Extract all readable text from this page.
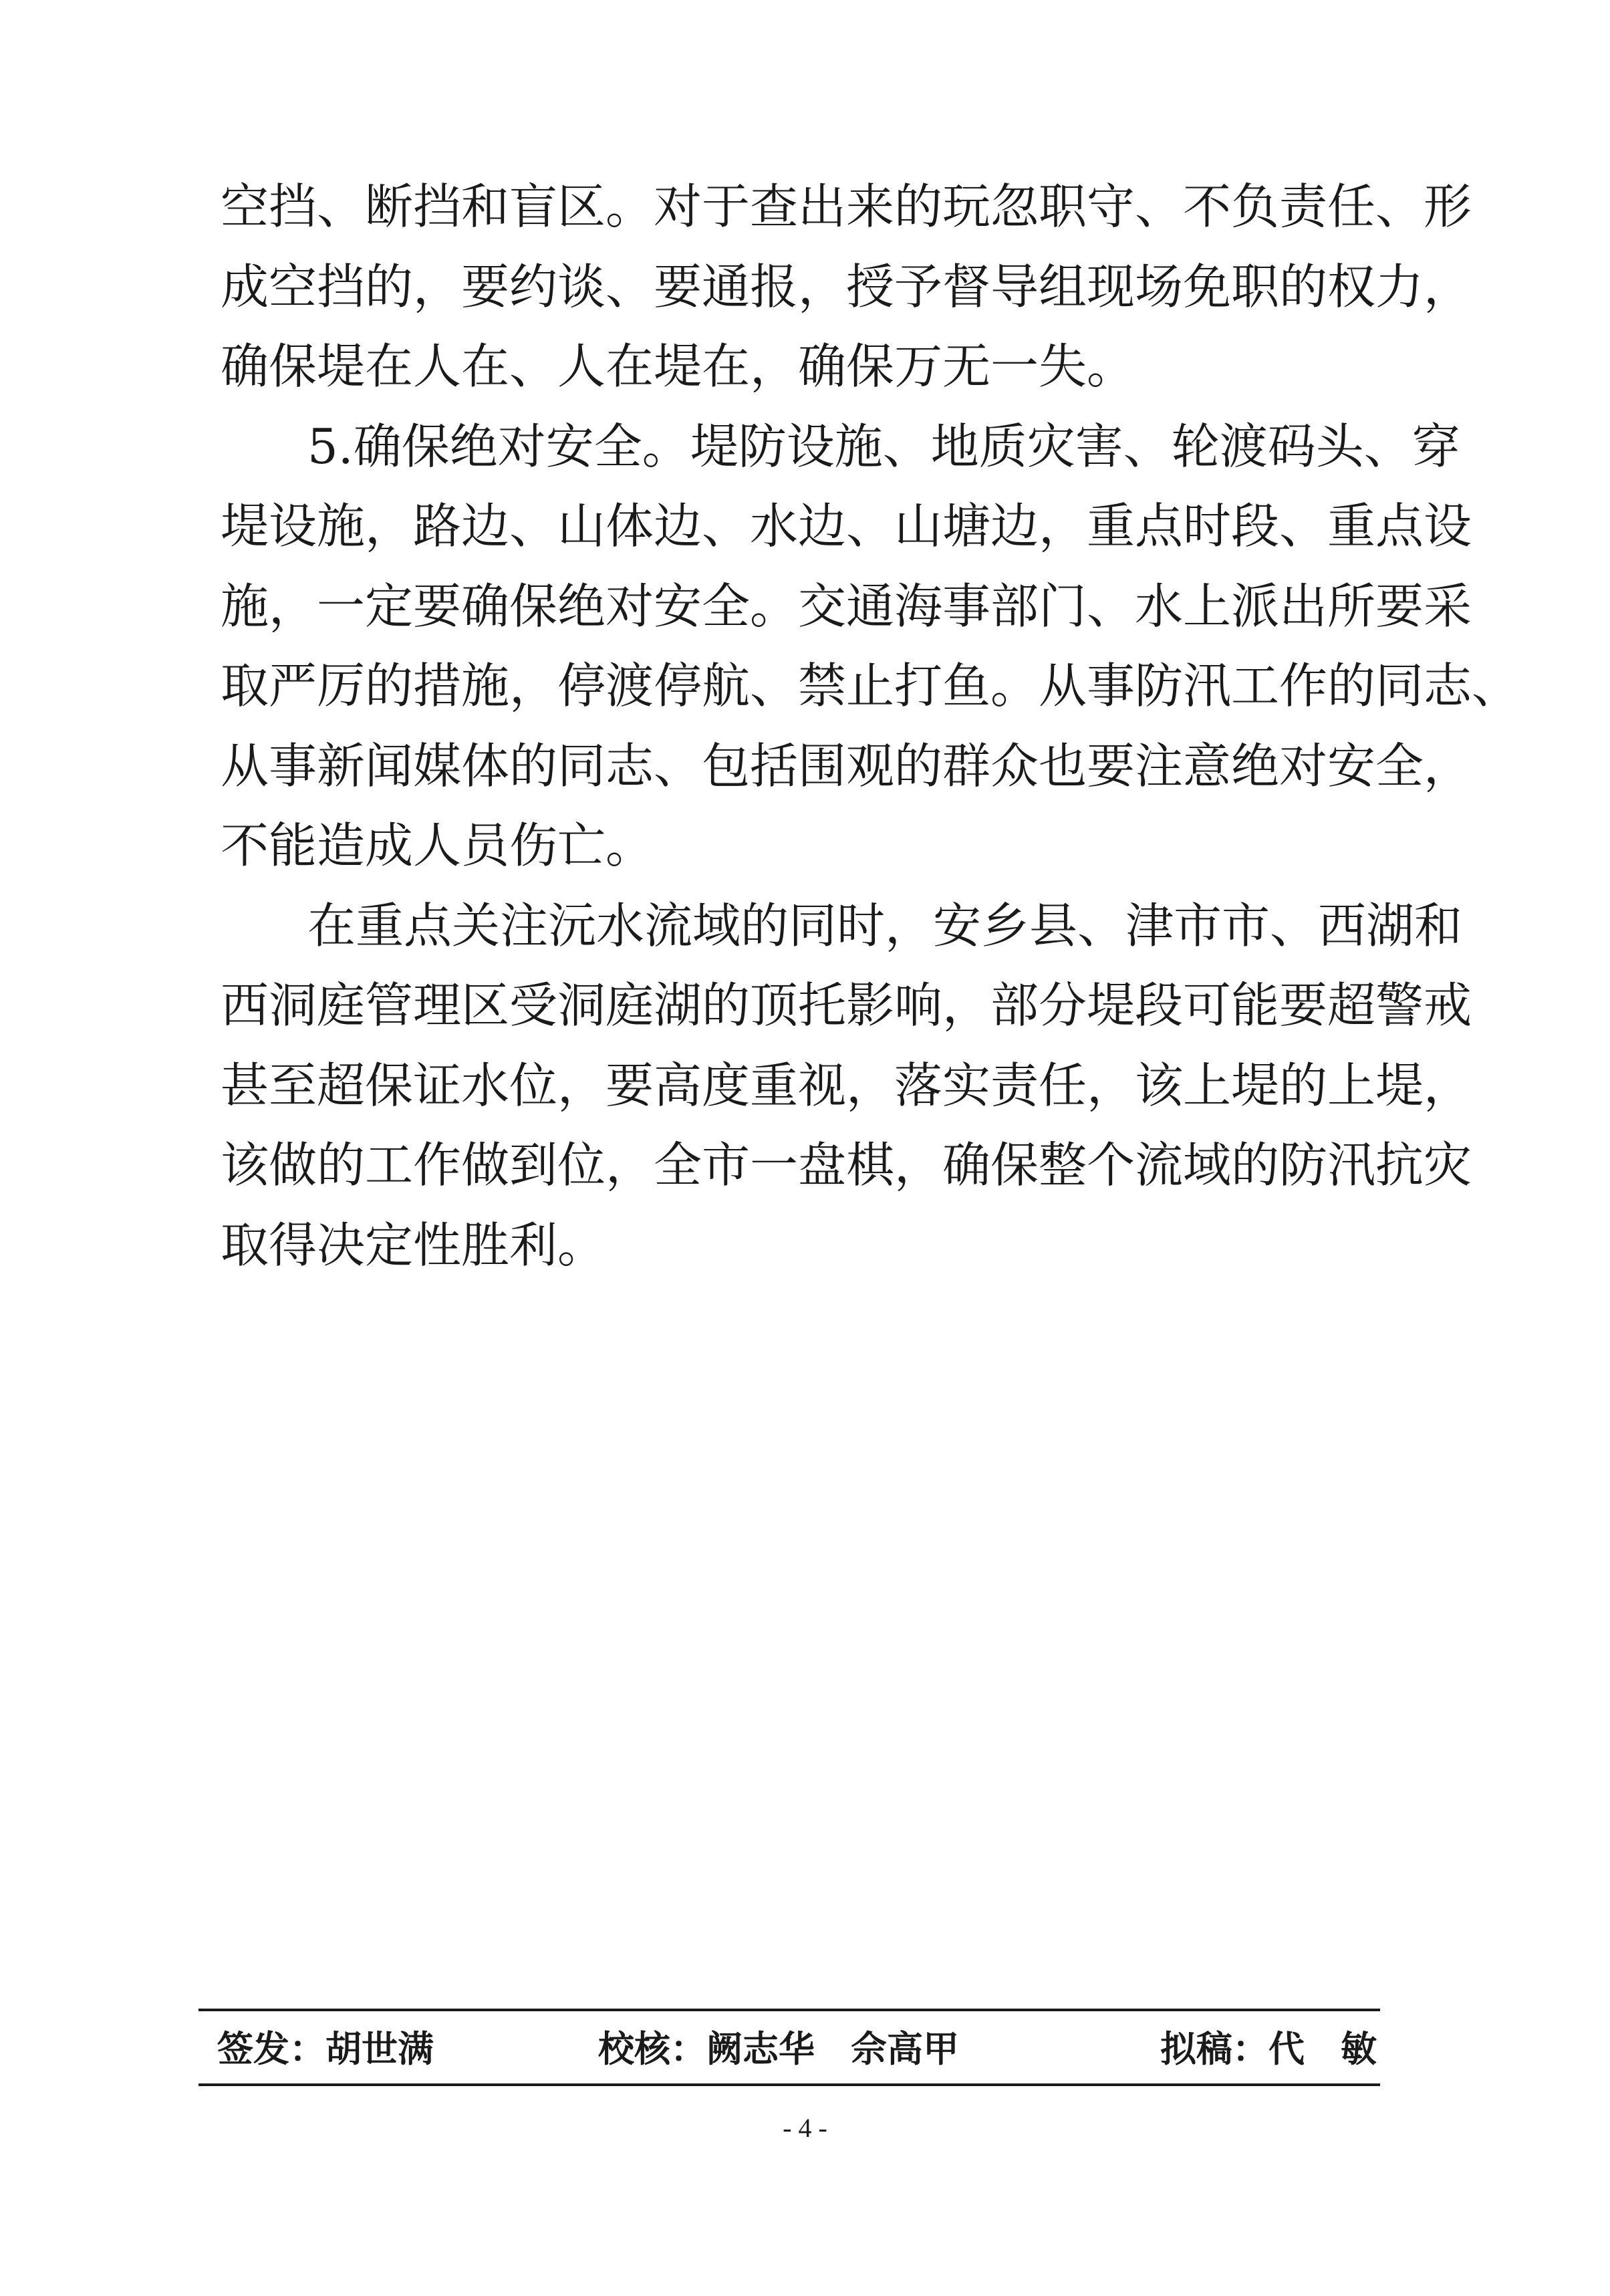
空挡、断挡和盲区。对于查出来的玩忽职守、不负责任、形
成空挡的，要约谈、要通报，授予督导组现场免职的权力，
确保堤在人在、人在堤在，确保万无一失。
5.确保绝对安全。堤防设施、地质灾害、轮渡码头、穿
堤设施，路边、山体边、水边、山塘边，重点时段、重点设
施，一定要确保绝对安全。交通海事部门、水上派出所要采
取严厉的措施，停渡停航、禁止打鱼。从事防汛工作的同志、
从事新闻媒体的同志、包括围观的群众也要注意绝对安全，
不能造成人员伤亡。
在重点关注沅水流域的同时，安乡县、津市市、西湖和
西洞庭管理区受洞庭湖的顶托影响，部分堤段可能要超警戒
甚至超保证水位，要高度重视，落实责任，该上堤的上堤，
该做的工作做到位，全市一盘棋，确保整个流域的防汛抗灾
取得决定性胜利。
签发：胡世满	校核：阙志华　佘高甲	拟稿：代　敏
- 4 -
